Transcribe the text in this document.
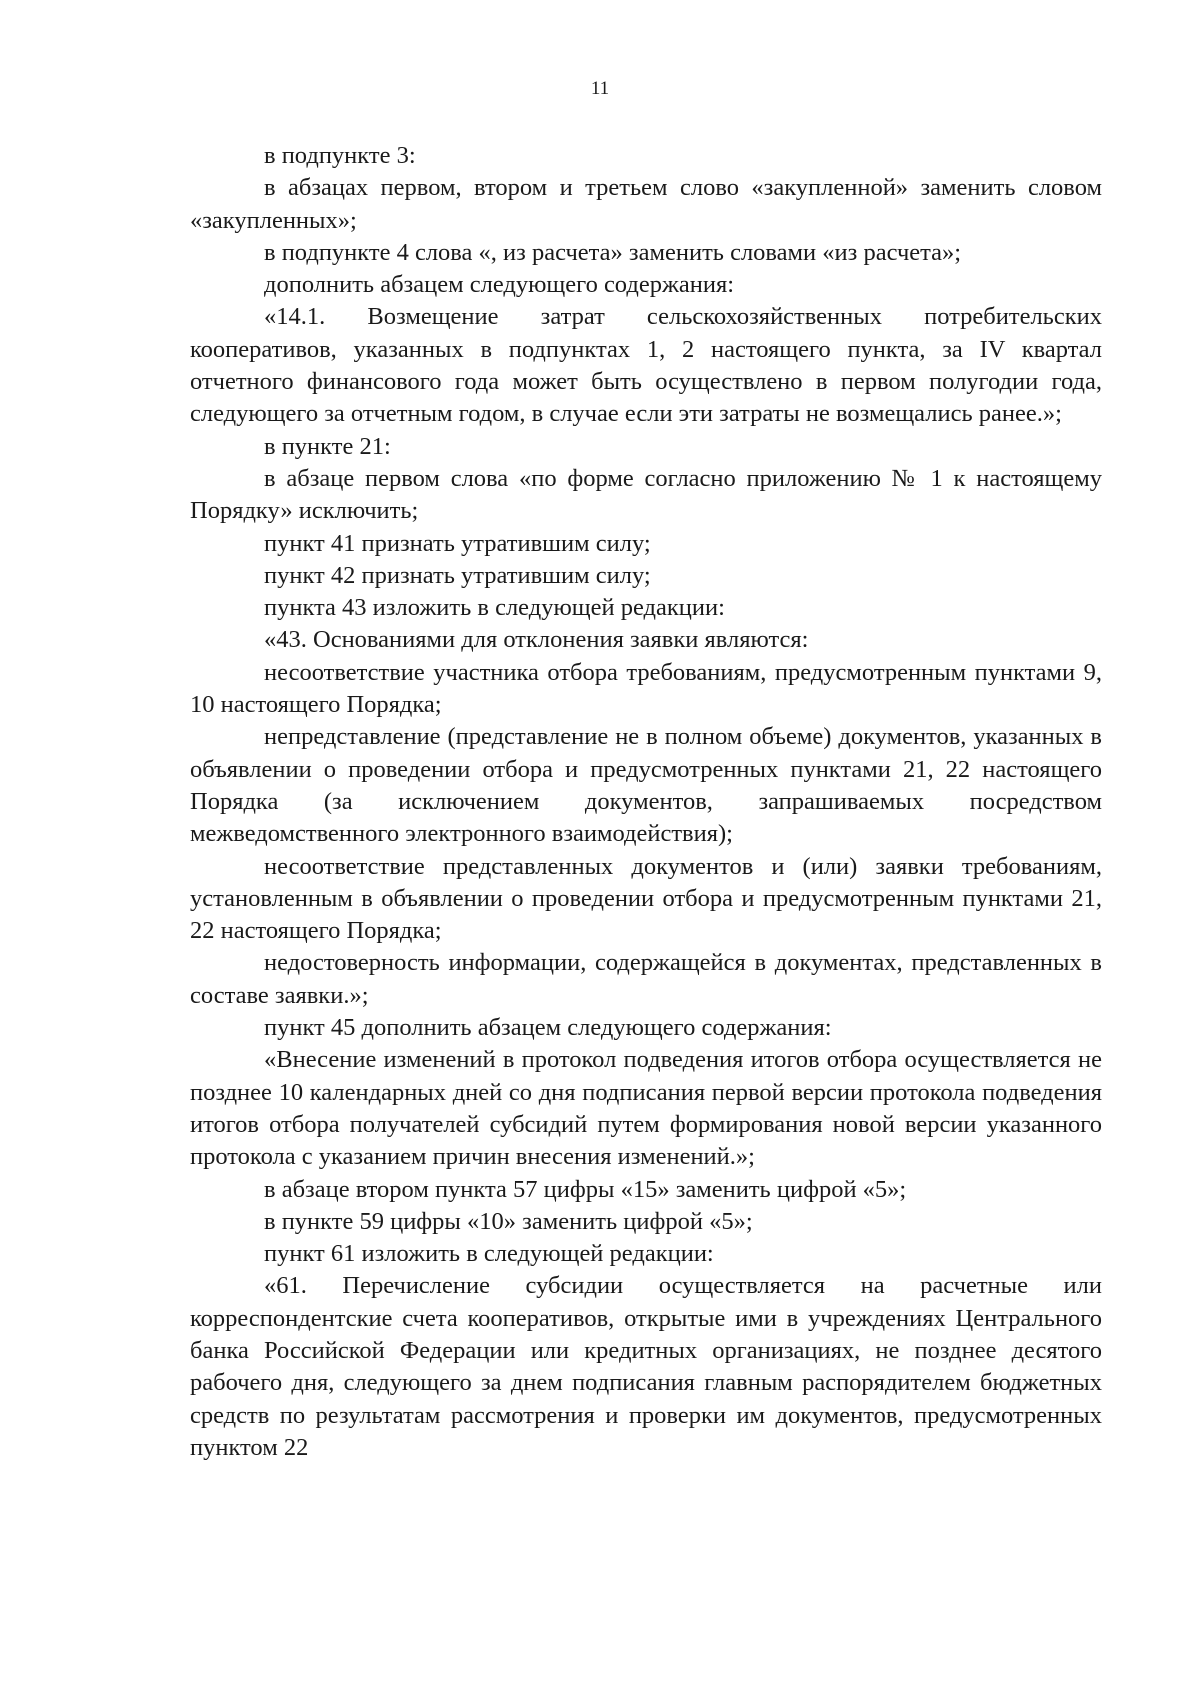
11

в подпункте 3:

в абзацах первом, втором и третьем слово «закупленной» заменить словом «закупленных»;

в подпункте 4 слова «, из расчета» заменить словами «из расчета»;

дополнить абзацем следующего содержания:

«14.1. Возмещение затрат сельскохозяйственных потребительских кооперативов, указанных в подпунктах 1, 2 настоящего пункта, за IV квартал отчетного финансового года может быть осуществлено в первом полугодии года, следующего за отчетным годом, в случае если эти затраты не возмещались ранее.»;

в пункте 21:

в абзаце первом слова «по форме согласно приложению № 1 к настоящему Порядку» исключить;

пункт 41 признать утратившим силу;

пункт 42 признать утратившим силу;

пункта 43 изложить в следующей редакции:

«43. Основаниями для отклонения заявки являются:

несоответствие участника отбора требованиям, предусмотренным пунктами 9, 10 настоящего Порядка;

непредставление (представление не в полном объеме) документов, указанных в объявлении о проведении отбора и предусмотренных пунктами 21, 22 настоящего Порядка (за исключением документов, запрашиваемых посредством межведомственного электронного взаимодействия);

несоответствие представленных документов и (или) заявки требованиям, установленным в объявлении о проведении отбора и предусмотренным пунктами 21, 22 настоящего Порядка;

недостоверность информации, содержащейся в документах, представленных в составе заявки.»;

пункт 45 дополнить абзацем следующего содержания:

«Внесение изменений в протокол подведения итогов отбора осуществляется не позднее 10 календарных дней со дня подписания первой версии протокола подведения итогов отбора получателей субсидий путем формирования новой версии указанного протокола с указанием причин внесения изменений.»;

в абзаце втором пункта 57 цифры «15» заменить цифрой «5»;

в пункте 59 цифры «10» заменить цифрой «5»;

пункт 61 изложить в следующей редакции:

«61. Перечисление субсидии осуществляется на расчетные или корреспондентские счета кооперативов, открытые ими в учреждениях Центрального банка Российской Федерации или кредитных организациях, не позднее десятого рабочего дня, следующего за днем подписания главным распорядителем бюджетных средств по результатам рассмотрения и проверки им документов, предусмотренных пунктом 22
